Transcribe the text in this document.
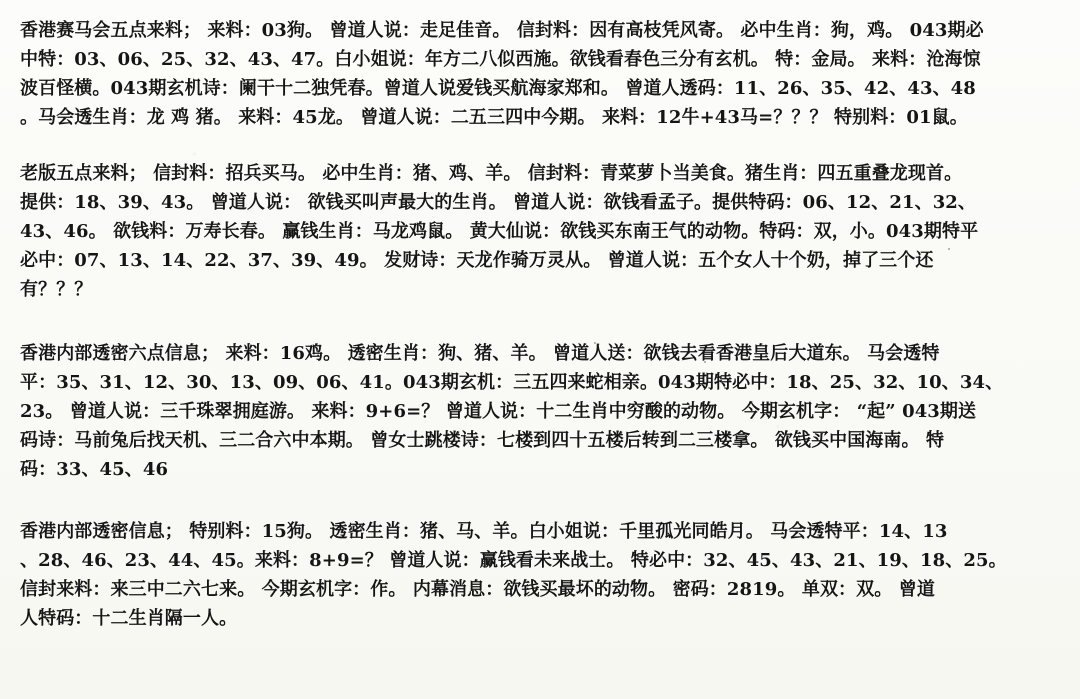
香港赛马会五点来料； 来料：03狗。 曾道人说：走足佳音。 信封料：因有高枝凭风寄。 必中生肖：狗，鸡。 043期必
中特：03、06、25、32、43、47。白小姐说：年方二八似西施。欲钱看春色三分有玄机。 特：金局。 来料：沧海惊
波百怪横。043期玄机诗：阑干十二独凭春。曾道人说爱钱买航海家郑和。 曾道人透码：11、26、35、42、43、48
。马会透生肖：龙 鸡 猪。 来料：45龙。 曾道人说：二五三四中今期。 来料：12牛+43马=？？？ 特别料：01鼠。

老版五点来料； 信封料：招兵买马。 必中生肖：猪、鸡、羊。 信封料：青菜萝卜当美食。猪生肖：四五重叠龙现首。
提供：18、39、43。 曾道人说： 欲钱买叫声最大的生肖。 曾道人说：欲钱看孟子。提供特码：06、12、21、32、
43、46。 欲钱料：万寿长春。 赢钱生肖：马龙鸡鼠。 黄大仙说：欲钱买东南王气的动物。特码：双，小。043期特平
必中：07、13、14、22、37、39、49。 发财诗：天龙作骑万灵从。 曾道人说：五个女人十个奶，掉了三个还
有？？？

香港内部透密六点信息； 来料：16鸡。 透密生肖：狗、猪、羊。 曾道人送：欲钱去看香港皇后大道东。 马会透特
平：35、31、12、30、13、09、06、41。043期玄机：三五四来蛇相亲。043期特必中：18、25、32、10、34、
23。 曾道人说：三千珠翠拥庭游。 来料：9+6=？ 曾道人说：十二生肖中穷酸的动物。 今期玄机字： “起” 043期送
码诗：马前兔后找天机、三二合六中本期。 曾女士跳楼诗：七楼到四十五楼后转到二三楼拿。 欲钱买中国海南。 特
码：33、45、46

香港内部透密信息； 特别料：15狗。 透密生肖：猪、马、羊。白小姐说：千里孤光同皓月。 马会透特平：14、13
、28、46、23、44、45。来料：8+9=？ 曾道人说：赢钱看未来战士。 特必中：32、45、43、21、19、18、25。
信封来料：来三中二六七来。 今期玄机字：作。 内幕消息：欲钱买最坏的动物。 密码：2819。 单双：双。 曾道
人特码：十二生肖隔一人。
